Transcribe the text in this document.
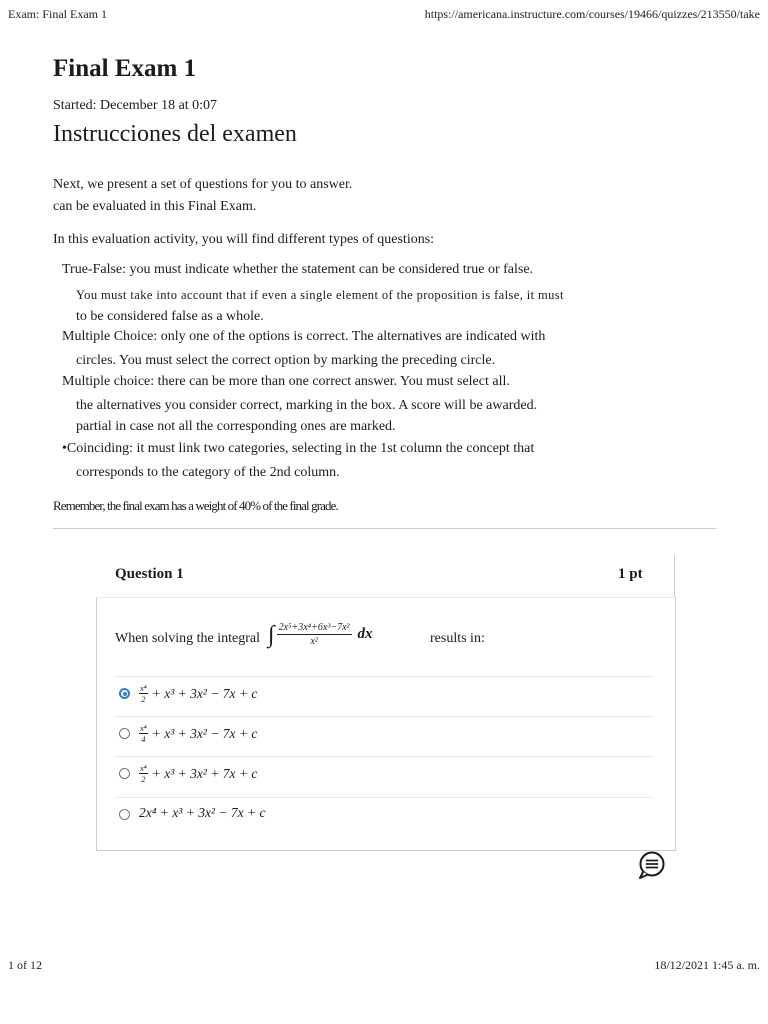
Exam: Final Exam 1	https://americana.instructure.com/courses/19466/quizzes/213550/take
Final Exam 1
Started: December 18 at 0:07
Instrucciones del examen
Next, we present a set of questions for you to answer.
can be evaluated in this Final Exam.
In this evaluation activity, you will find different types of questions:
True-False: you must indicate whether the statement can be considered true or false.
You must take into account that if even a single element of the proposition is false, it must
to be considered false as a whole.
Multiple Choice: only one of the options is correct. The alternatives are indicated with
circles. You must select the correct option by marking the preceding circle.
Multiple choice: there can be more than one correct answer. You must select all.
the alternatives you consider correct, marking in the box. A score will be awarded.
partial in case not all the corresponding ones are marked.
•Coinciding: it must link two categories, selecting in the 1st column the concept that
corresponds to the category of the 2nd column.
Remember, the final exam has a weight of 40% of the final grade.
Question 1	1 pt
When solving the integral ∫ $\frac{\text{2x⁵+3x⁴+6x³−7x²}}{\text{x²}}$ dx	results in:
$\frac{\text{x⁴}}{2} + x^3 + 3x^2 - 7x + c$
$\frac{\text{x⁴}}{4} + x^3 + 3x^2 - 7x + c$
$\frac{\text{x⁴}}{2} + x^3 + 3x^2 + 7x + c$
2x⁴ + x³ + 3x² − 7x + c
1 of 12	18/12/2021 1:45 a. m.
